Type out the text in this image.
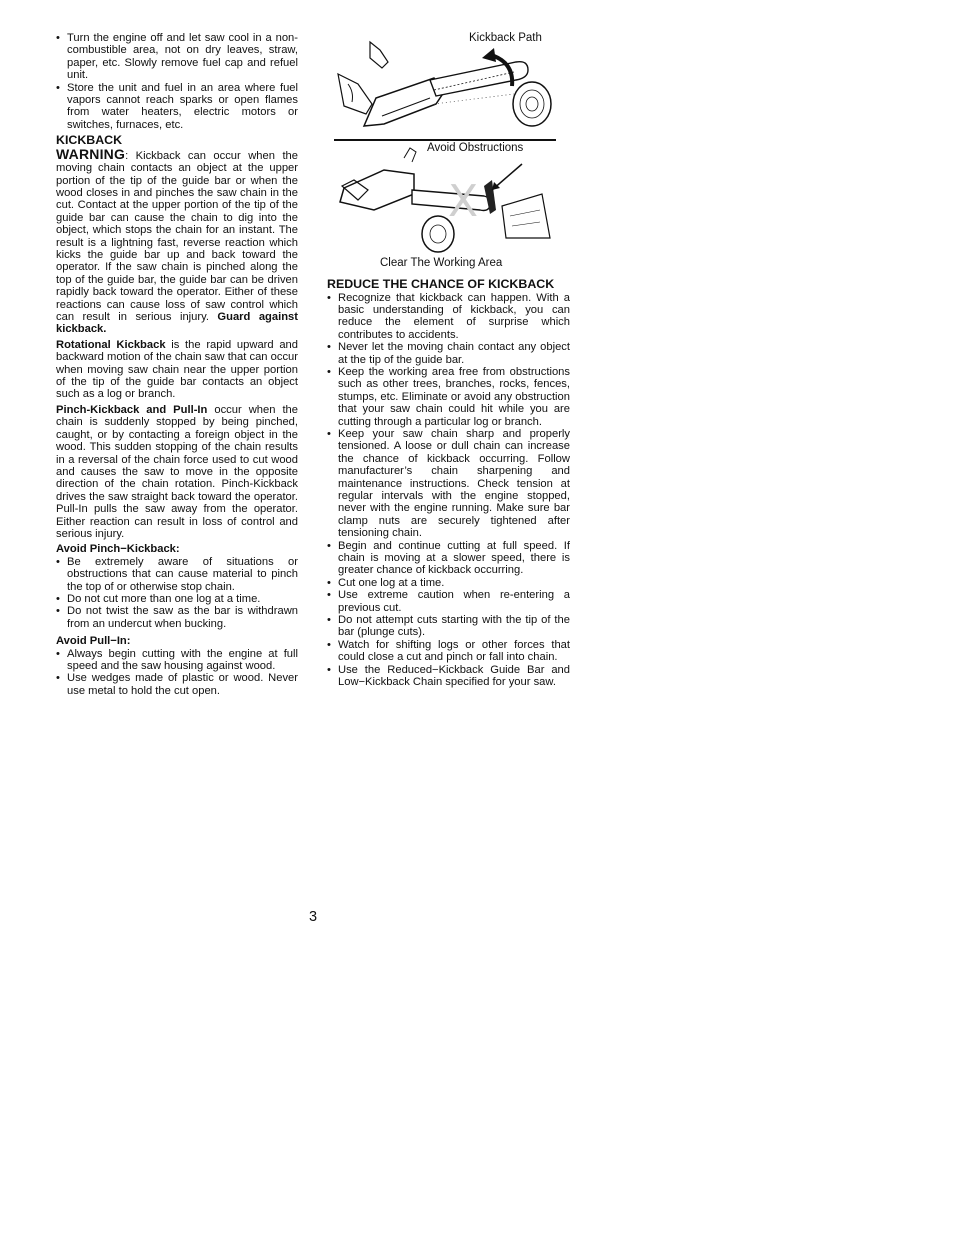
• Turn the engine off and let saw cool in a non-combustible area, not on dry leaves, straw, paper, etc. Slowly remove fuel cap and refuel unit.
• Store the unit and fuel in an area where fuel vapors cannot reach sparks or open flames from water heaters, electric motors or switches, furnaces, etc.
KICKBACK

WARNING: Kickback can occur when the moving chain contacts an object at the upper portion of the tip of the guide bar or when the wood closes in and pinches the saw chain in the cut. Contact at the upper portion of the tip of the guide bar can cause the chain to dig into the object, which stops the chain for an instant. The result is a lightning fast, reverse reaction which kicks the guide bar up and back toward the operator. If the saw chain is pinched along the top of the guide bar, the guide bar can be driven rapidly back toward the operator. Either of these reactions can cause loss of saw control which can result in serious injury. Guard against kickback.

Rotational Kickback is the rapid upward and backward motion of the chain saw that can occur when moving saw chain near the upper portion of the tip of the guide bar contacts an object such as a log or branch.

Pinch-Kickback and Pull-In occur when the chain is suddenly stopped by being pinched, caught, or by contacting a foreign object in the wood. This sudden stopping of the chain results in a reversal of the chain force used to cut wood and causes the saw to move in the opposite direction of the chain rotation. Pinch-Kickback drives the saw straight back toward the operator. Pull-In pulls the saw away from the operator. Either reaction can result in loss of control and serious injury.

Avoid Pinch−Kickback:
• Be extremely aware of situations or obstructions that can cause material to pinch the top of or otherwise stop chain.
• Do not cut more than one log at a time.
• Do not twist the saw as the bar is withdrawn from an undercut when bucking.
Avoid Pull−In:
• Always begin cutting with the engine at full speed and the saw housing against wood.
• Use wedges made of plastic or wood. Never use metal to hold the cut open.
Kickback Path
X
Avoid Obstructions
Clear The Working Area
REDUCE THE CHANCE OF KICKBACK
• Recognize that kickback can happen. With a basic understanding of kickback, you can reduce the element of surprise which contributes to accidents.
• Never let the moving chain contact any object at the tip of the guide bar.
• Keep the working area free from obstructions such as other trees, branches, rocks, fences, stumps, etc. Eliminate or avoid any obstruction that your saw chain could hit while you are cutting through a particular log or branch.
• Keep your saw chain sharp and properly tensioned. A loose or dull chain can increase the chance of kickback occurring. Follow manufacturer’s chain sharpening and maintenance instructions. Check tension at regular intervals with the engine stopped, never with the engine running. Make sure bar clamp nuts are securely tightened after tensioning chain.
• Begin and continue cutting at full speed. If chain is moving at a slower speed, there is greater chance of kickback occurring.
• Cut one log at a time.
• Use extreme caution when re-entering a previous cut.
• Do not attempt cuts starting with the tip of the bar (plunge cuts).
• Watch for shifting logs or other forces that could close a cut and pinch or fall into chain.
• Use the Reduced−Kickback Guide Bar and Low−Kickback Chain specified for your saw.
3
